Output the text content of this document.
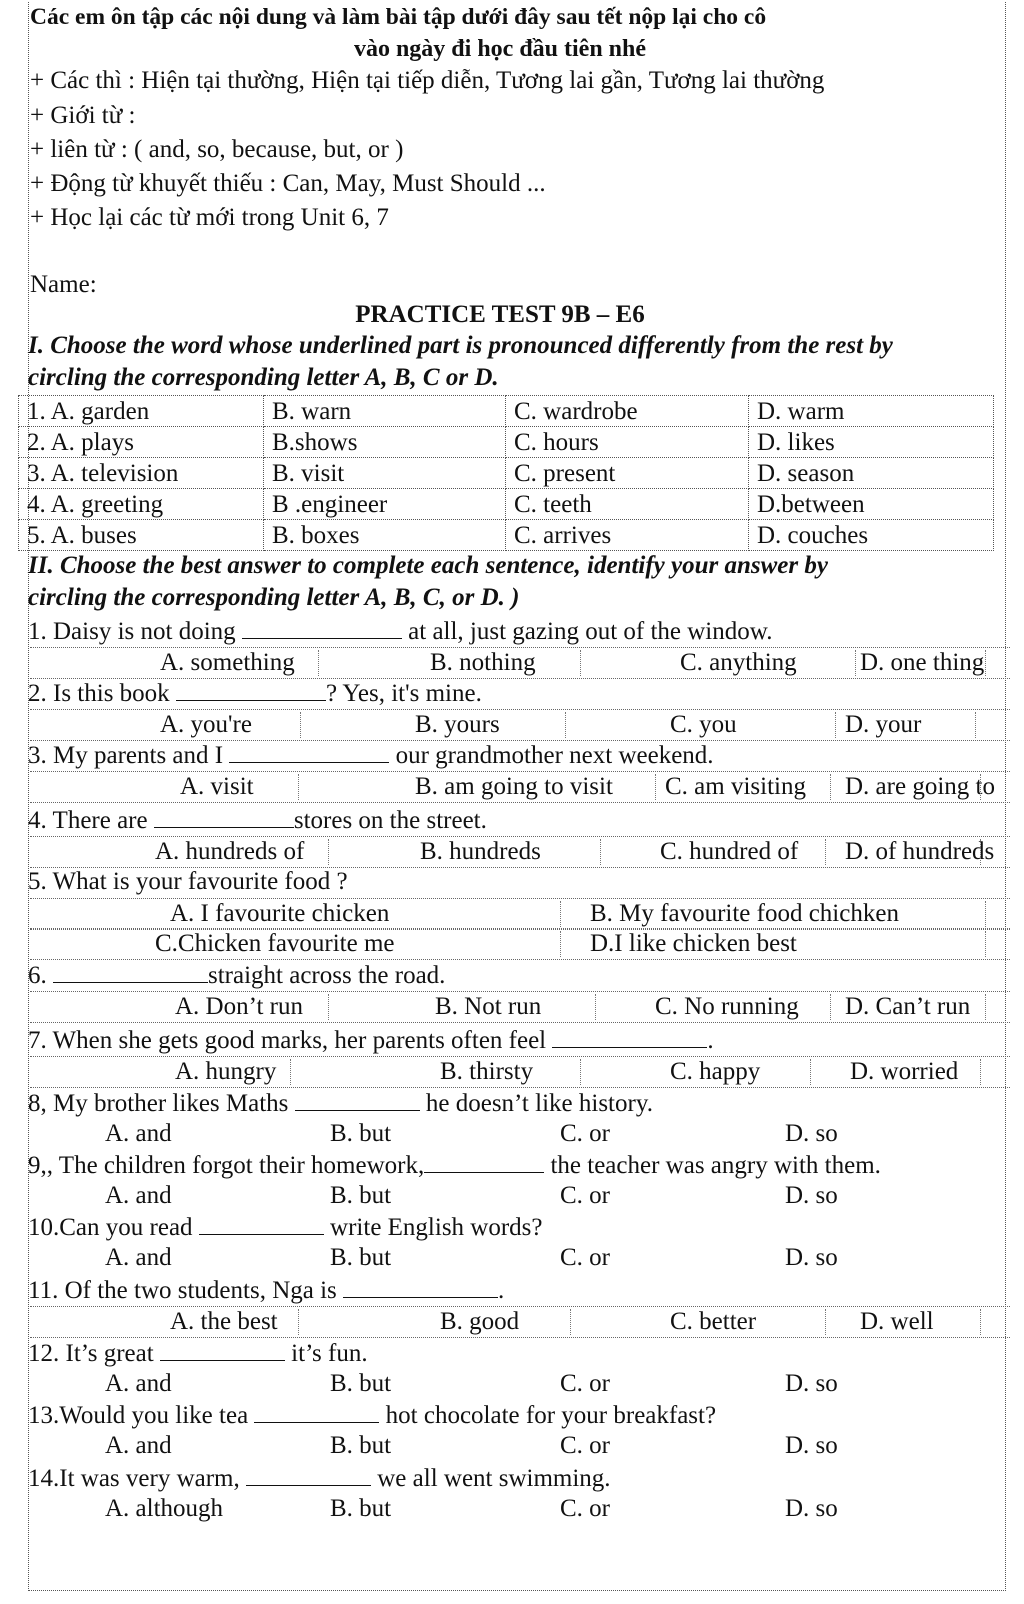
Các em ôn tập các nội dung và làm bài tập dưới đây sau tết nộp lại cho cô
vào ngày đi học đầu tiên nhé
+ Các thì : Hiện tại thường, Hiện tại tiếp diễn, Tương lai gần, Tương lai thường
+ Giới từ :
+ liên từ : ( and, so, because, but, or )
+ Động từ khuyết thiếu : Can, May, Must Should ...
+ Học lại các từ mới trong Unit 6, 7
Name:
PRACTICE TEST 9B – E6
I. Choose the word whose underlined part is pronounced differently from the rest by
circling the corresponding letter A, B, C or D.
1. A. garden	B. warn	C. wardrobe	D. warm
2. A. plays	B.shows	C. hours	D. likes
3. A. television	B. visit	C. present	D. season
4. A. greeting	B .engineer	C. teeth	D.between
5. A. buses	B. boxes	C. arrives	D. couches
II. Choose the best answer to complete each sentence, identify your answer by
circling the corresponding letter A, B, C, or D. )
1. Daisy is not doing	at all, just gazing out of the window.
A. something	B. nothing	C. anything	D. one thing
2. Is this book	? Yes, it's mine.
A. you're	B. yours	C. you	D. your
3. My parents and I	our grandmother next weekend.
A. visit	B. am going to visit C. am visiting D. are going to
4. There are	stores on the street.
A. hundreds of	B. hundreds	C. hundred of D. of hundreds
5. What is your favourite food ?
A. I favourite chicken	B. My favourite food chichken
C.Chicken favourite me	D.I like chicken best
6.	straight across the road.
A. Don’t run	B. Not run	C. No running D. Can’t run
7. When she gets good marks, her parents often feel	.
A. hungry	B. thirsty	C. happy	D. worried
8, My brother likes Maths	he doesn’t like history.
A. and	B. but	C. or	D. so
9,, The children forgot their homework,	the teacher was angry with them.
A. and	B. but	C. or	D. so
10.Can you read	write English words?
A. and	B. but	C. or	D. so
11. Of the two students, Nga is	.
A. the best	B. good	C. better	D. well
12. It’s great	it’s fun.
A. and	B. but	C. or	D. so
13.Would you like tea	hot chocolate for your breakfast?
A. and	B. but	C. or	D. so
14.It was very warm,	we all went swimming.
A. although	B. but	C. or	D. so
